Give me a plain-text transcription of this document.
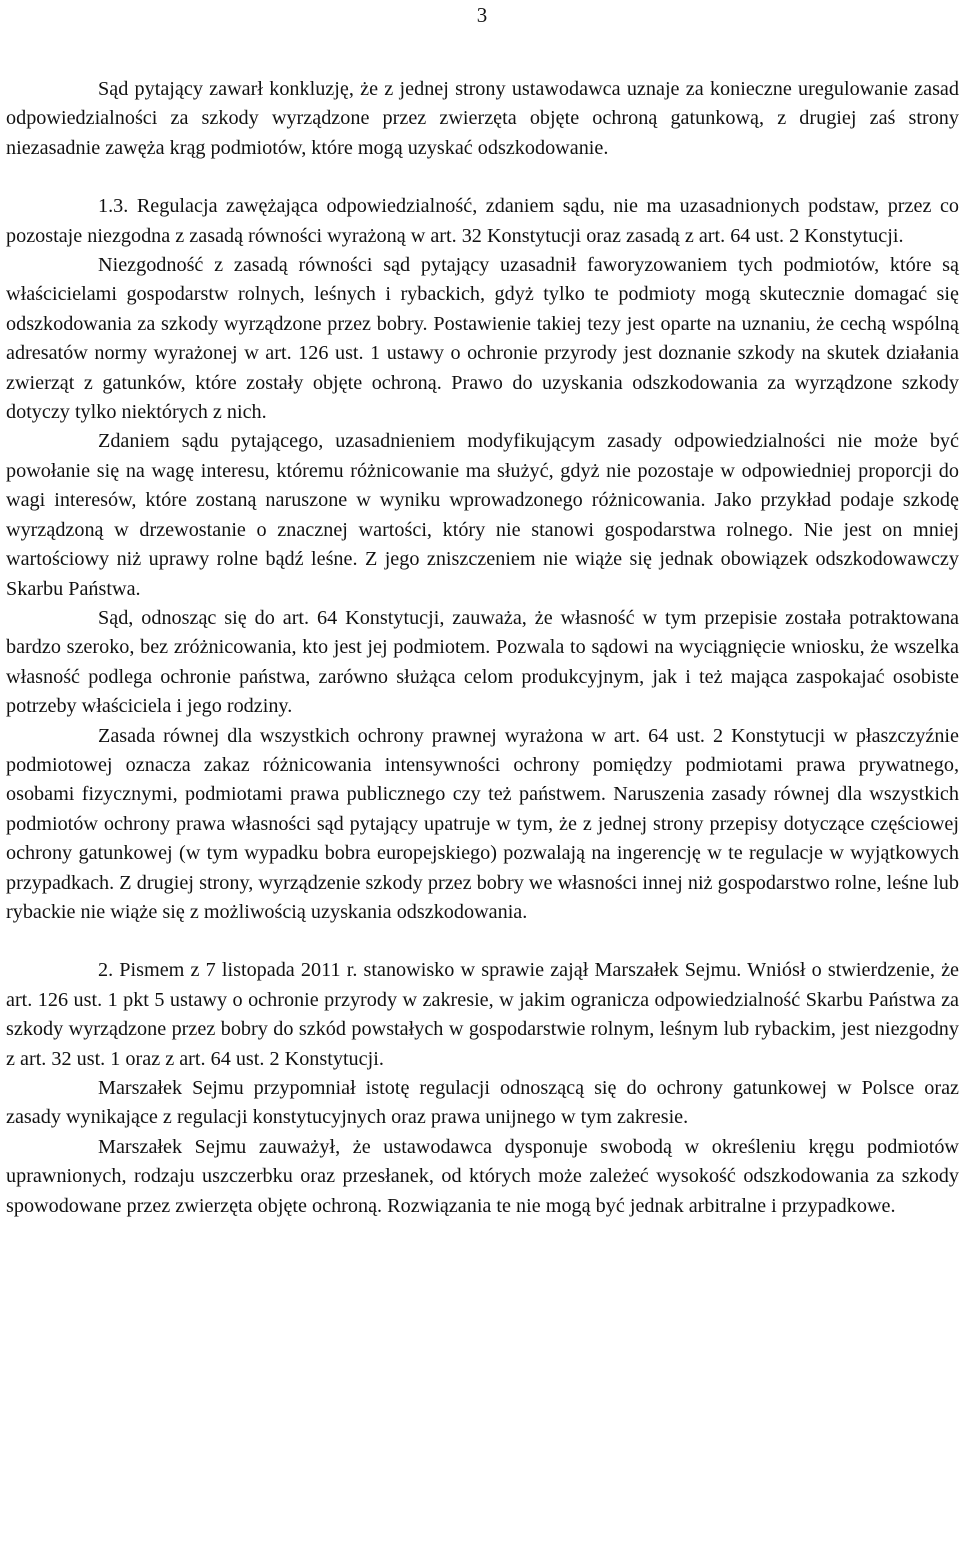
3

Sąd pytający zawarł konkluzję, że z jednej strony ustawodawca uznaje za konieczne uregulowanie zasad odpowiedzialności za szkody wyrządzone przez zwierzęta objęte ochroną gatunkową, z drugiej zaś strony niezasadnie zawęża krąg podmiotów, które mogą uzyskać odszkodowanie.

1.3. Regulacja zawężająca odpowiedzialność, zdaniem sądu, nie ma uzasadnionych podstaw, przez co pozostaje niezgodna z zasadą równości wyrażoną w art. 32 Konstytucji oraz zasadą z art. 64 ust. 2 Konstytucji.

Niezgodność z zasadą równości sąd pytający uzasadnił faworyzowaniem tych podmiotów, które są właścicielami gospodarstw rolnych, leśnych i rybackich, gdyż tylko te podmioty mogą skutecznie domagać się odszkodowania za szkody wyrządzone przez bobry. Postawienie takiej tezy jest oparte na uznaniu, że cechą wspólną adresatów normy wyrażonej w art. 126 ust. 1 ustawy o ochronie przyrody jest doznanie szkody na skutek działania zwierząt z gatunków, które zostały objęte ochroną. Prawo do uzyskania odszkodowania za wyrządzone szkody dotyczy tylko niektórych z nich.

Zdaniem sądu pytającego, uzasadnieniem modyfikującym zasady odpowiedzialności nie może być powołanie się na wagę interesu, któremu różnicowanie ma służyć, gdyż nie pozostaje w odpowiedniej proporcji do wagi interesów, które zostaną naruszone w wyniku wprowadzonego różnicowania. Jako przykład podaje szkodę wyrządzoną w drzewostanie o znacznej wartości, który nie stanowi gospodarstwa rolnego. Nie jest on mniej wartościowy niż uprawy rolne bądź leśne. Z jego zniszczeniem nie wiąże się jednak obowiązek odszkodowawczy Skarbu Państwa.

Sąd, odnosząc się do art. 64 Konstytucji, zauważa, że własność w tym przepisie została potraktowana bardzo szeroko, bez zróżnicowania, kto jest jej podmiotem. Pozwala to sądowi na wyciągnięcie wniosku, że wszelka własność podlega ochronie państwa, zarówno służąca celom produkcyjnym, jak i też mająca zaspokajać osobiste potrzeby właściciela i jego rodziny.

Zasada równej dla wszystkich ochrony prawnej wyrażona w art. 64 ust. 2 Konstytucji w płaszczyźnie podmiotowej oznacza zakaz różnicowania intensywności ochrony pomiędzy podmiotami prawa prywatnego, osobami fizycznymi, podmiotami prawa publicznego czy też państwem. Naruszenia zasady równej dla wszystkich podmiotów ochrony prawa własności sąd pytający upatruje w tym, że z jednej strony przepisy dotyczące częściowej ochrony gatunkowej (w tym wypadku bobra europejskiego) pozwalają na ingerencję w te regulacje w wyjątkowych przypadkach. Z drugiej strony, wyrządzenie szkody przez bobry we własności innej niż gospodarstwo rolne, leśne lub rybackie nie wiąże się z możliwością uzyskania odszkodowania.

2. Pismem z 7 listopada 2011 r. stanowisko w sprawie zajął Marszałek Sejmu. Wniósł o stwierdzenie, że art. 126 ust. 1 pkt 5 ustawy o ochronie przyrody w zakresie, w jakim ogranicza odpowiedzialność Skarbu Państwa za szkody wyrządzone przez bobry do szkód powstałych w gospodarstwie rolnym, leśnym lub rybackim, jest niezgodny z art. 32 ust. 1 oraz z art. 64 ust. 2 Konstytucji.

Marszałek Sejmu przypomniał istotę regulacji odnoszącą się do ochrony gatunkowej w Polsce oraz zasady wynikające z regulacji konstytucyjnych oraz prawa unijnego w tym zakresie.

Marszałek Sejmu zauważył, że ustawodawca dysponuje swobodą w określeniu kręgu podmiotów uprawnionych, rodzaju uszczerbku oraz przesłanek, od których może zależeć wysokość odszkodowania za szkody spowodowane przez zwierzęta objęte ochroną. Rozwiązania te nie mogą być jednak arbitralne i przypadkowe.
